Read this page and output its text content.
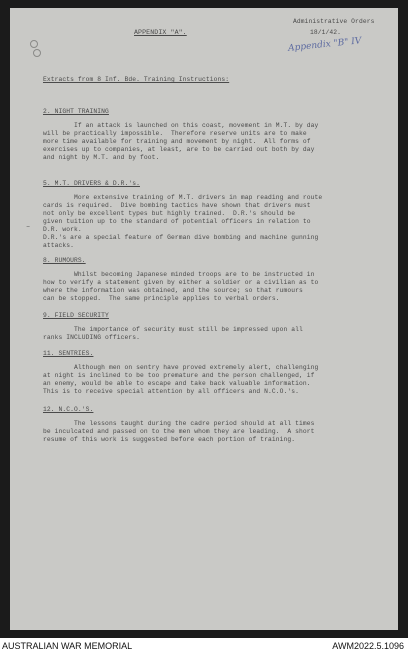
APPENDIX "A".
Administrative Orders
18/1/42.
Appendix "B" IV
Extracts from 8 Inf. Bde. Training Instructions:
2. NIGHT TRAINING
If an attack is launched on this coast, movement in M.T. by day
will be practically impossible.  Therefore reserve units are to make
more time available for training and movement by night.  All forms of
exercises up to companies, at least, are to be carried out both by day
and night by M.T. and by foot.
5. M.T. DRIVERS & D.R.'s.
More extensive training of M.T. drivers in map reading and route
cards is required.  Dive bombing tactics have shown that drivers must
not only be excellent types but highly trained.  D.R.'s should be
given tuition up to the standard of potential officers in relation to
D.R. work.
D.R.'s are a special feature of German dive bombing and machine gunning
attacks.
–
8. RUMOURS.
Whilst becoming Japanese minded troops are to be instructed in
how to verify a statement given by either a soldier or a civilian as to
where the information was obtained, and the source; so that rumours
can be stopped.  The same principle applies to verbal orders.
9. FIELD SECURITY
The importance of security must still be impressed upon all
ranks INCLUDING officers.
11. SENTRIES.
Although men on sentry have proved extremely alert, challenging
at night is inclined to be too premature and the person challenged, if
an enemy, would be able to escape and take back valuable information.
This is to receive special attention by all officers and N.C.O.'s.
12. N.C.O.'S.
The lessons taught during the cadre period should at all times
be inculcated and passed on to the men whom they are leading.  A short
resume of this work is suggested before each portion of training.
AUSTRALIAN WAR MEMORIAL	AWM2022.5.1096
